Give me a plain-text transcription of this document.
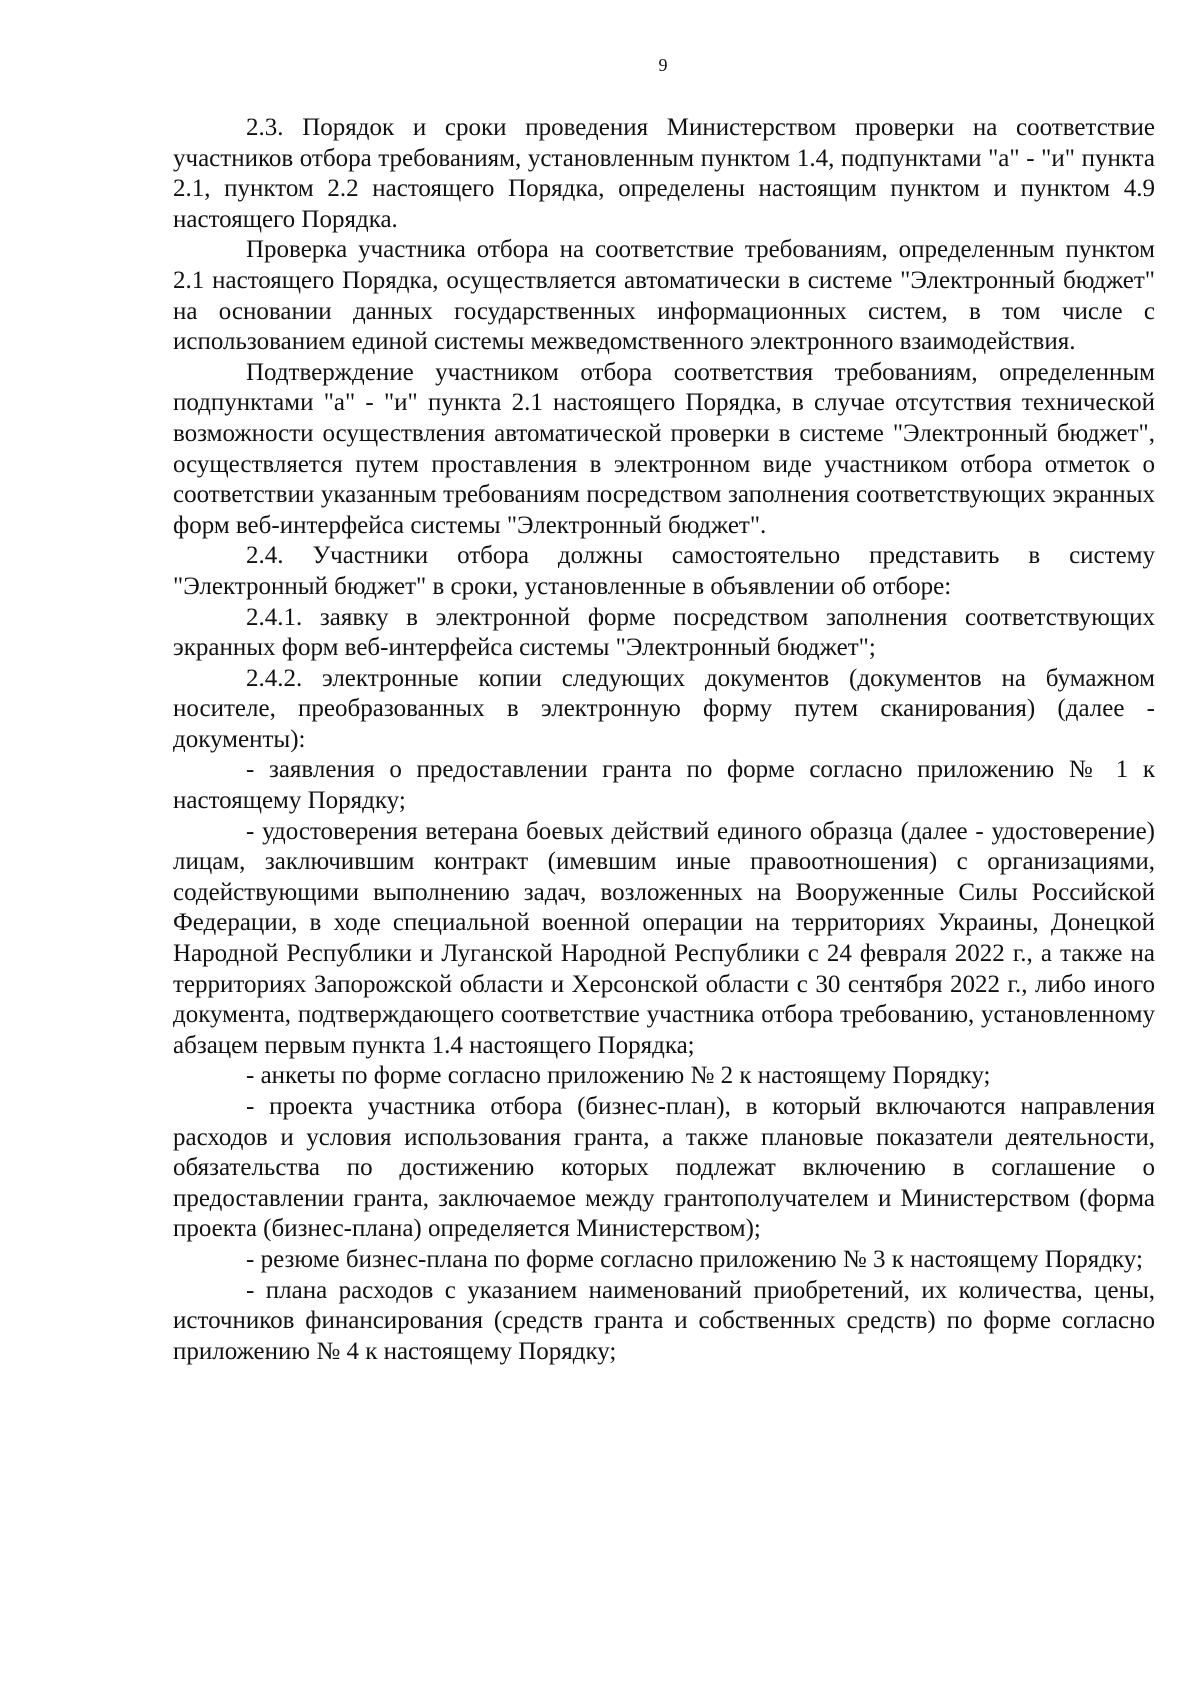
9

2.3. Порядок и сроки проведения Министерством проверки на соответствие участников отбора требованиям, установленным пунктом 1.4, подпунктами "а" - "и" пункта 2.1, пунктом 2.2 настоящего Порядка, определены настоящим пунктом и пунктом 4.9 настоящего Порядка.

Проверка участника отбора на соответствие требованиям, определенным пунктом 2.1 настоящего Порядка, осуществляется автоматически в системе "Электронный бюджет" на основании данных государственных информационных систем, в том числе с использованием единой системы межведомственного электронного взаимодействия.

Подтверждение участником отбора соответствия требованиям, определенным подпунктами "а" - "и" пункта 2.1 настоящего Порядка, в случае отсутствия технической возможности осуществления автоматической проверки в системе "Электронный бюджет", осуществляется путем проставления в электронном виде участником отбора отметок о соответствии указанным требованиям посредством заполнения соответствующих экранных форм веб-интерфейса системы "Электронный бюджет".

2.4. Участники отбора должны самостоятельно представить в систему "Электронный бюджет" в сроки, установленные в объявлении об отборе:

2.4.1. заявку в электронной форме посредством заполнения соответствующих экранных форм веб-интерфейса системы "Электронный бюджет";

2.4.2. электронные копии следующих документов (документов на бумажном носителе, преобразованных в электронную форму путем сканирования) (далее - документы):

- заявления о предоставлении гранта по форме согласно приложению № 1 к настоящему Порядку;

- удостоверения ветерана боевых действий единого образца (далее - удостоверение) лицам, заключившим контракт (имевшим иные правоотношения) с организациями, содействующими выполнению задач, возложенных на Вооруженные Силы Российской Федерации, в ходе специальной военной операции на территориях Украины, Донецкой Народной Республики и Луганской Народной Республики с 24 февраля 2022 г., а также на территориях Запорожской области и Херсонской области с 30 сентября 2022 г., либо иного документа, подтверждающего соответствие участника отбора требованию, установленному абзацем первым пункта 1.4 настоящего Порядка;

- анкеты по форме согласно приложению № 2 к настоящему Порядку;

- проекта участника отбора (бизнес-план), в который включаются направления расходов и условия использования гранта, а также плановые показатели деятельности, обязательства по достижению которых подлежат включению в соглашение о предоставлении гранта, заключаемое между грантополучателем и Министерством (форма проекта (бизнес-плана) определяется Министерством);

- резюме бизнес-плана по форме согласно приложению № 3 к настоящему Порядку;

- плана расходов с указанием наименований приобретений, их количества, цены, источников финансирования (средств гранта и собственных средств) по форме согласно приложению № 4 к настоящему Порядку;
